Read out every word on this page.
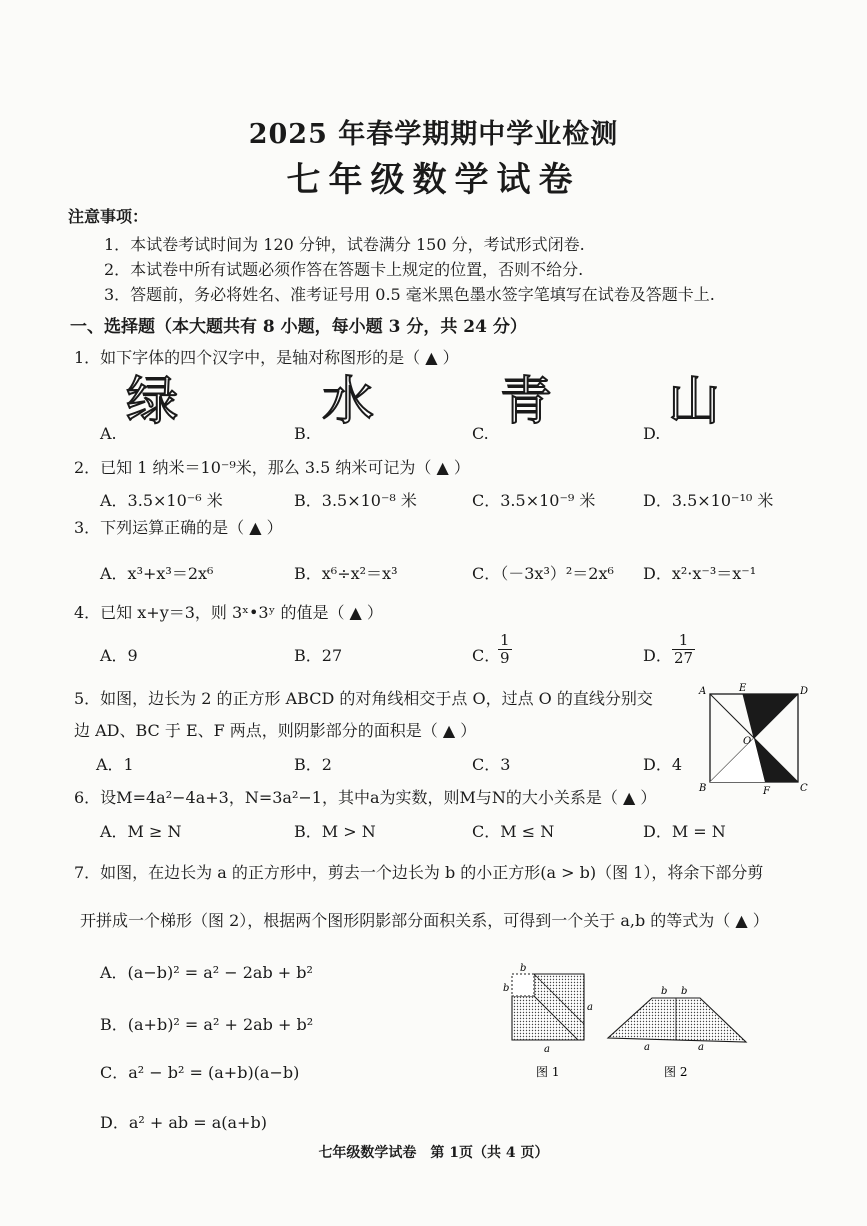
2025 年春学期期中学业检测
七年级数学试卷
注意事项：
1．本试卷考试时间为 120 分钟，试卷满分 150 分，考试形式闭卷.
2．本试卷中所有试题必须作答在答题卡上规定的位置，否则不给分.
3．答题前，务必将姓名、准考证号用 0.5 毫米黑色墨水签字笔填写在试卷及答题卡上.
一、选择题（本大题共有 8 小题，每小题 3 分，共 24 分）
1．如下字体的四个汉字中，是轴对称图形的是（ ▲ ）
A.
绿
B.
水
C.
青
D.
山
2．已知 1 纳米＝10⁻⁹米，那么 3.5 纳米可记为（ ▲ ）
A．3.5×10⁻⁶ 米	B．3.5×10⁻⁸ 米	C．3.5×10⁻⁹ 米	D．3.5×10⁻¹⁰ 米
3．下列运算正确的是（ ▲ ）
A．x³+x³＝2x⁶	B．x⁶÷x²＝x³	C．（－3x³）²＝2x⁶ D．x²·x⁻³＝x⁻¹
4．已知 x+y＝3，则 3ˣ•3ʸ 的值是（ ▲ ）
A．9	B．27	C．
$\frac{1}{9}$	D． $\frac{1}{27}$
5．如图，边长为 2 的正方形 ABCD 的对角线相交于点 O，过点 O 的直线分别交
边 AD、BC 于 E、F 两点，则阴影部分的面积是（ ▲ ）
A．1	B．2	C．3	D．4
A	E	D
O
B	F	C
6．设M=4a²−4a+3，N=3a²−1，其中a为实数，则M与N的大小关系是（ ▲ ）
A．M ≥ N	B．M > N	C．M ≤ N	D．M = N
7．如图，在边长为 a 的正方形中，剪去一个边长为 b 的小正方形(a > b)（图 1），将余下部分剪
开拼成一个梯形（图 2），根据两个图形阴影部分面积关系，可得到一个关于 a,b 的等式为（ ▲ ）
A．(a−b)² = a² − 2ab + b²
B．(a+b)² = a² + 2ab + b²
C．a² − b² = (a+b)(a−b)
D．a² + ab = a(a+b)
b
b
a
a
图 1
b b
a	a
图 2
七年级数学试卷　第 1页（共 4 页）
